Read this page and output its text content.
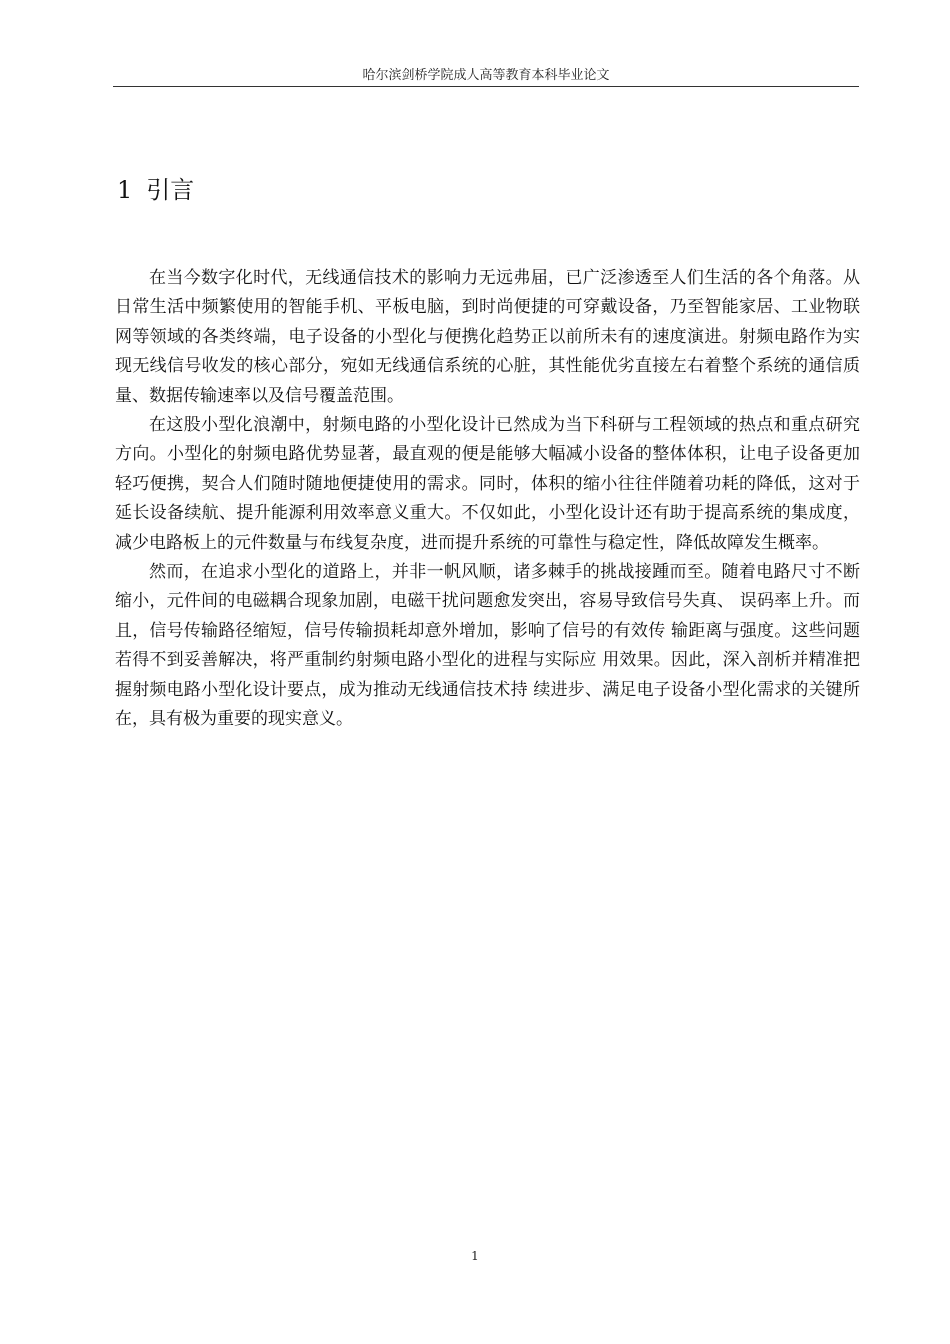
哈尔滨剑桥学院成人高等教育本科毕业论文
1 引言

在当今数字化时代，无线通信技术的影响力无远弗届，已广泛渗透至人们生活的各个角落。从日常生活中频繁使用的智能手机、平板电脑，到时尚便捷的可穿戴设备，乃至智能家居、工业物联网等领域的各类终端，电子设备的小型化与便携化趋势正以前所未有的速度演进。射频电路作为实现无线信号收发的核心部分，宛如无线通信系统的心脏，其性能优劣直接左右着整个系统的通信质量、数据传输速率以及信号覆盖范围。

在这股小型化浪潮中，射频电路的小型化设计已然成为当下科研与工程领域的热点和重点研究方向。小型化的射频电路优势显著，最直观的便是能够大幅减小设备的整体体积，让电子设备更加轻巧便携，契合人们随时随地便捷使用的需求。同时，体积的缩小往往伴随着功耗的降低，这对于延长设备续航、提升能源利用效率意义重大。不仅如此，小型化设计还有助于提高系统的集成度，减少电路板上的元件数量与布线复杂度，进而提升系统的可靠性与稳定性，降低故障发生概率。

然而，在追求小型化的道路上，并非一帆风顺，诸多棘手的挑战接踵而至。随着电路尺寸不断缩小，元件间的电磁耦合现象加剧，电磁干扰问题愈发突出，容易导致信号失真、 误码率上升。而且，信号传输路径缩短，信号传输损耗却意外增加，影响了信号的有效传 输距离与强度。这些问题若得不到妥善解决，将严重制约射频电路小型化的进程与实际应 用效果。因此，深入剖析并精准把握射频电路小型化设计要点，成为推动无线通信技术持 续进步、满足电子设备小型化需求的关键所在，具有极为重要的现实意义。

1
